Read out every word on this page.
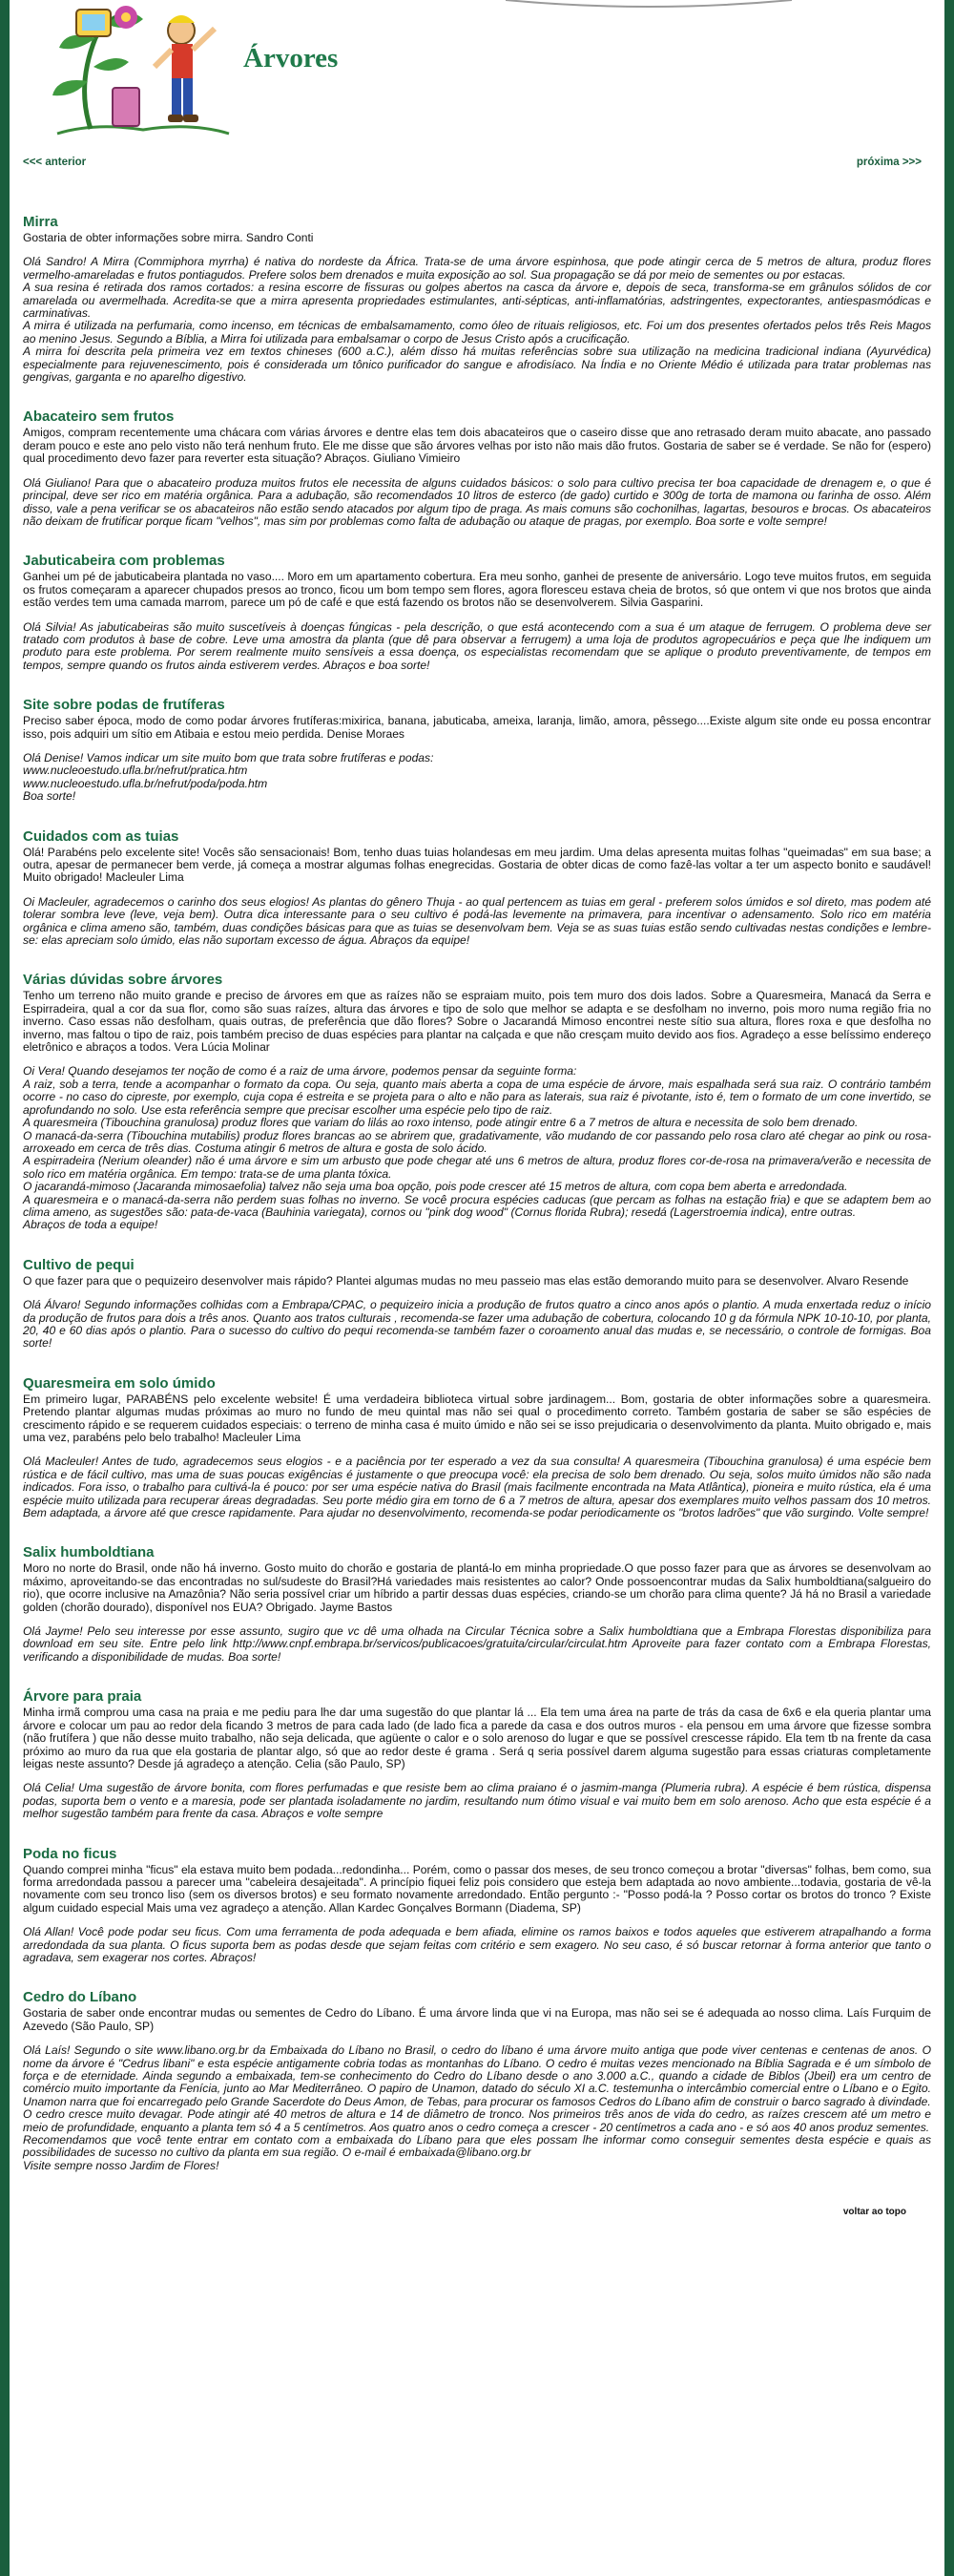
Árvores
<<< anterior	próxima >>>
Mirra

Gostaria de obter informações sobre mirra. Sandro Conti

Olá Sandro! A Mirra (Commiphora myrrha) é nativa do nordeste da África. Trata-se de uma árvore espinhosa, que pode atingir cerca de 5 metros de altura, produz flores vermelho-amareladas e frutos pontiagudos. Prefere solos bem drenados e muita exposição ao sol. Sua propagação se dá por meio de sementes ou por estacas.
A sua resina é retirada dos ramos cortados: a resina escorre de fissuras ou golpes abertos na casca da árvore e, depois de seca, transforma-se em grânulos sólidos de cor amarelada ou avermelhada. Acredita-se que a mirra apresenta propriedades estimulantes, anti-sépticas, anti-inflamatórias, adstringentes, expectorantes, antiespasmódicas e carminativas.
A mirra é utilizada na perfumaria, como incenso, em técnicas de embalsamamento, como óleo de rituais religiosos, etc. Foi um dos presentes ofertados pelos três Reis Magos ao menino Jesus. Segundo a Bíblia, a Mirra foi utilizada para embalsamar o corpo de Jesus Cristo após a crucificação.
A mirra foi descrita pela primeira vez em textos chineses (600 a.C.), além disso há muitas referências sobre sua utilização na medicina tradicional indiana (Ayurvédica) especialmente para rejuvenescimento, pois é considerada um tônico purificador do sangue e afrodisíaco. Na Índia e no Oriente Médio é utilizada para tratar problemas nas gengivas, garganta e no aparelho digestivo.

Abacateiro sem frutos

Amigos, compram recentemente uma chácara com várias árvores e dentre elas tem dois abacateiros que o caseiro disse que ano retrasado deram muito abacate, ano passado deram pouco e este ano pelo visto não terá nenhum fruto. Ele me disse que são árvores velhas por isto não mais dão frutos. Gostaria de saber se é verdade. Se não for (espero) qual procedimento devo fazer para reverter esta situação? Abraços. Giuliano Vimieiro

Olá Giuliano! Para que o abacateiro produza muitos frutos ele necessita de alguns cuidados básicos: o solo para cultivo precisa ter boa capacidade de drenagem e, o que é principal, deve ser rico em matéria orgânica. Para a adubação, são recomendados 10 litros de esterco (de gado) curtido e 300g de torta de mamona ou farinha de osso. Além disso, vale a pena verificar se os abacateiros não estão sendo atacados por algum tipo de praga. As mais comuns são cochonilhas, lagartas, besouros e brocas. Os abacateiros não deixam de frutificar porque ficam "velhos", mas sim por problemas como falta de adubação ou ataque de pragas, por exemplo. Boa sorte e volte sempre!

Jabuticabeira com problemas

Ganhei um pé de jabuticabeira plantada no vaso.... Moro em um apartamento cobertura. Era meu sonho, ganhei de presente de aniversário. Logo teve muitos frutos, em seguida os frutos começaram a aparecer chupados presos ao tronco, ficou um bom tempo sem flores, agora floresceu estava cheia de brotos, só que ontem vi que nos brotos que ainda estão verdes tem uma camada marrom, parece um pó de café e que está fazendo os brotos não se desenvolverem. Silvia Gasparini.

Olá Silvia! As jabuticabeiras são muito suscetíveis à doenças fúngicas - pela descrição, o que está acontecendo com a sua é um ataque de ferrugem. O problema deve ser tratado com produtos à base de cobre. Leve uma amostra da planta (que dê para observar a ferrugem) a uma loja de produtos agropecuários e peça que lhe indiquem um produto para este problema. Por serem realmente muito sensíveis a essa doença, os especialistas recomendam que se aplique o produto preventivamente, de tempos em tempos, sempre quando os frutos ainda estiverem verdes. Abraços e boa sorte!

Site sobre podas de frutíferas

Preciso saber época, modo de como podar árvores frutíferas:mixirica, banana, jabuticaba, ameixa, laranja, limão, amora, pêssego....Existe algum site onde eu possa encontrar isso, pois adquiri um sítio em Atibaia e estou meio perdida. Denise Moraes

Olá Denise! Vamos indicar um site muito bom que trata sobre frutíferas e podas:
www.nucleoestudo.ufla.br/nefrut/pratica.htm
www.nucleoestudo.ufla.br/nefrut/poda/poda.htm
Boa sorte!

Cuidados com as tuias

Olá! Parabéns pelo excelente site! Vocês são sensacionais! Bom, tenho duas tuias holandesas em meu jardim. Uma delas apresenta muitas folhas "queimadas" em sua base; a outra, apesar de permanecer bem verde, já começa a mostrar algumas folhas enegrecidas. Gostaria de obter dicas de como fazê-las voltar a ter um aspecto bonito e saudável! Muito obrigado! Macleuler Lima

Oi Macleuler, agradecemos o carinho dos seus elogios! As plantas do gênero Thuja - ao qual pertencem as tuias em geral - preferem solos úmidos e sol direto, mas podem até tolerar sombra leve (leve, veja bem). Outra dica interessante para o seu cultivo é podá-las levemente na primavera, para incentivar o adensamento. Solo rico em matéria orgânica e clima ameno são, também, duas condições básicas para que as tuias se desenvolvam bem. Veja se as suas tuias estão sendo cultivadas nestas condições e lembre-se: elas apreciam solo úmido, elas não suportam excesso de água. Abraços da equipe!

Várias dúvidas sobre árvores

Tenho um terreno não muito grande e preciso de árvores em que as raízes não se espraiam muito, pois tem muro dos dois lados. Sobre a Quaresmeira, Manacá da Serra e Espirradeira, qual a cor da sua flor, como são suas raízes, altura das árvores e tipo de solo que melhor se adapta e se desfolham no inverno, pois moro numa região fria no inverno. Caso essas não desfolham, quais outras, de preferência que dão flores? Sobre o Jacarandá Mimoso encontrei neste sítio sua altura, flores roxa e que desfolha no inverno, mas faltou o tipo de raiz, pois também preciso de duas espécies para plantar na calçada e que não cresçam muito devido aos fios. Agradeço a esse belíssimo endereço eletrônico e abraços a todos. Vera Lúcia Molinar

Oi Vera! Quando desejamos ter noção de como é a raiz de uma árvore, podemos pensar da seguinte forma:
A raiz, sob a terra, tende a acompanhar o formato da copa. Ou seja, quanto mais aberta a copa de uma espécie de árvore, mais espalhada será sua raiz. O contrário também ocorre - no caso do cipreste, por exemplo, cuja copa é estreita e se projeta para o alto e não para as laterais, sua raiz é pivotante, isto é, tem o formato de um cone invertido, se aprofundando no solo. Use esta referência sempre que precisar escolher uma espécie pelo tipo de raiz.
A quaresmeira (Tibouchina granulosa) produz flores que variam do lilás ao roxo intenso, pode atingir entre 6 a 7 metros de altura e necessita de solo bem drenado.
O manacá-da-serra (Tibouchina mutabilis) produz flores brancas ao se abrirem que, gradativamente, vão mudando de cor passando pelo rosa claro até chegar ao pink ou rosa-arroxeado em cerca de três dias. Costuma atingir 6 metros de altura e gosta de solo ácido.
A espirradeira (Nerium oleander) não é uma árvore e sim um arbusto que pode chegar até uns 6 metros de altura, produz flores cor-de-rosa na primavera/verão e necessita de solo rico em matéria orgânica. Em tempo: trata-se de uma planta tóxica.
O jacarandá-mimoso (Jacaranda mimosaefolia) talvez não seja uma boa opção, pois pode crescer até 15 metros de altura, com copa bem aberta e arredondada.
A quaresmeira e o manacá-da-serra não perdem suas folhas no inverno. Se você procura espécies caducas (que percam as folhas na estação fria) e que se adaptem bem ao clima ameno, as sugestões são: pata-de-vaca (Bauhinia variegata), cornos ou "pink dog wood" (Cornus florida Rubra); resedá (Lagerstroemia indica), entre outras.
Abraços de toda a equipe!

Cultivo de pequi

O que fazer para que o pequizeiro desenvolver mais rápido? Plantei algumas mudas no meu passeio mas elas estão demorando muito para se desenvolver. Alvaro Resende

Olá Álvaro! Segundo informações colhidas com a Embrapa/CPAC, o pequizeiro inicia a produção de frutos quatro a cinco anos após o plantio. A muda enxertada reduz o início da produção de frutos para dois a três anos. Quanto aos tratos culturais , recomenda-se fazer uma adubação de cobertura, colocando 10 g da fórmula NPK 10-10-10, por planta, 20, 40 e 60 dias após o plantio. Para o sucesso do cultivo do pequi recomenda-se também fazer o coroamento anual das mudas e, se necessário, o controle de formigas. Boa sorte!

Quaresmeira em solo úmido

Em primeiro lugar, PARABÉNS pelo excelente website! É uma verdadeira biblioteca virtual sobre jardinagem... Bom, gostaria de obter informações sobre a quaresmeira. Pretendo plantar algumas mudas próximas ao muro no fundo de meu quintal mas não sei qual o procedimento correto. Também gostaria de saber se são espécies de crescimento rápido e se requerem cuidados especiais: o terreno de minha casa é muito úmido e não sei se isso prejudicaria o desenvolvimento da planta. Muito obrigado e, mais uma vez, parabéns pelo belo trabalho! Macleuler Lima

Olá Macleuler! Antes de tudo, agradecemos seus elogios - e a paciência por ter esperado a vez da sua consulta! A quaresmeira (Tibouchina granulosa) é uma espécie bem rústica e de fácil cultivo, mas uma de suas poucas exigências é justamente o que preocupa você: ela precisa de solo bem drenado. Ou seja, solos muito úmidos não são nada indicados. Fora isso, o trabalho para cultivá-la é pouco: por ser uma espécie nativa do Brasil (mais facilmente encontrada na Mata Atlântica), pioneira e muito rústica, ela é uma espécie muito utilizada para recuperar áreas degradadas. Seu porte médio gira em torno de 6 a 7 metros de altura, apesar dos exemplares muito velhos passam dos 10 metros. Bem adaptada, a árvore até que cresce rapidamente. Para ajudar no desenvolvimento, recomenda-se podar periodicamente os "brotos ladrões" que vão surgindo. Volte sempre!

Salix humboldtiana

Moro no norte do Brasil, onde não há inverno. Gosto muito do chorão e gostaria de plantá-lo em minha propriedade.O que posso fazer para que as árvores se desenvolvam ao máximo, aproveitando-se das encontradas no sul/sudeste do Brasil?Há variedades mais resistentes ao calor? Onde possoencontrar mudas da Salix humboldtiana(salgueiro do rio), que ocorre inclusive na Amazônia? Não seria possível criar um híbrido a partir dessas duas espécies, criando-se um chorão para clima quente? Já há no Brasil a variedade golden (chorão dourado), disponível nos EUA? Obrigado. Jayme Bastos

Olá Jayme! Pelo seu interesse por esse assunto, sugiro que vc dê uma olhada na Circular Técnica sobre a Salix humboldtiana que a Embrapa Florestas disponibiliza para download em seu site. Entre pelo link http://www.cnpf.embrapa.br/servicos/publicacoes/gratuita/circular/circulat.htm Aproveite para fazer contato com a Embrapa Florestas, verificando a disponibilidade de mudas. Boa sorte!

Árvore para praia

Minha irmã comprou uma casa na praia e me pediu para lhe dar uma sugestão do que plantar lá ... Ela tem uma área na parte de trás da casa de 6x6 e ela queria plantar uma árvore e colocar um pau ao redor dela ficando 3 metros de para cada lado (de lado fica a parede da casa e dos outros muros - ela pensou em uma árvore que fizesse sombra (não frutífera ) que não desse muito trabalho, não seja delicada, que agüente o calor e o solo arenoso do lugar e que se possível crescesse rápido. Ela tem tb na frente da casa próximo ao muro da rua que ela gostaria de plantar algo, só que ao redor deste é grama . Será q seria possível darem alguma sugestão para essas criaturas completamente leigas neste assunto? Desde já agradeço a atenção. Celia (são Paulo, SP)

Olá Celia! Uma sugestão de árvore bonita, com flores perfumadas e que resiste bem ao clima praiano é o jasmim-manga (Plumeria rubra). A espécie é bem rústica, dispensa podas, suporta bem o vento e a maresia, pode ser plantada isoladamente no jardim, resultando num ótimo visual e vai muito bem em solo arenoso. Acho que esta espécie é a melhor sugestão também para frente da casa. Abraços e volte sempre

Poda no ficus

Quando comprei minha "ficus" ela estava muito bem podada...redondinha... Porém, como o passar dos meses, de seu tronco começou a brotar "diversas" folhas, bem como, sua forma arredondada passou a parecer uma "cabeleira desajeitada". A princípio fiquei feliz pois considero que esteja bem adaptada ao novo ambiente...todavia, gostaria de vê-la novamente com seu tronco liso (sem os diversos brotos) e seu formato novamente arredondado. Então pergunto :- "Posso podá-la ? Posso cortar os brotos do tronco ? Existe algum cuidado especial Mais uma vez agradeço a atenção. Allan Kardec Gonçalves Bormann (Diadema, SP)

Olá Allan! Você pode podar seu ficus. Com uma ferramenta de poda adequada e bem afiada, elimine os ramos baixos e todos aqueles que estiverem atrapalhando a forma arredondada da sua planta. O ficus suporta bem as podas desde que sejam feitas com critério e sem exagero. No seu caso, é só buscar retornar à forma anterior que tanto o agradava, sem exagerar nos cortes. Abraços!

Cedro do Líbano

Gostaria de saber onde encontrar mudas ou sementes de Cedro do Líbano. É uma árvore linda que vi na Europa, mas não sei se é adequada ao nosso clima. Laís Furquim de Azevedo (São Paulo, SP)

Olá Laís! Segundo o site www.libano.org.br da Embaixada do Líbano no Brasil, o cedro do líbano é uma árvore muito antiga que pode viver centenas e centenas de anos. O nome da árvore é "Cedrus libani" e esta espécie antigamente cobria todas as montanhas do Líbano. O cedro é muitas vezes mencionado na Bíblia Sagrada e é um símbolo de força e de eternidade. Ainda segundo a embaixada, tem-se conhecimento do Cedro do Líbano desde o ano 3.000 a.C., quando a cidade de Biblos (Jbeil) era um centro de comércio muito importante da Fenícia, junto ao Mar Mediterrâneo. O papiro de Unamon, datado do século XI a.C. testemunha o intercâmbio comercial entre o Líbano e o Egito. Unamon narra que foi encarregado pelo Grande Sacerdote do Deus Amon, de Tebas, para procurar os famosos Cedros do Líbano afim de construir o barco sagrado à divindade.
O cedro cresce muito devagar. Pode atingir até 40 metros de altura e 14 de diâmetro de tronco. Nos primeiros três anos de vida do cedro, as raízes crescem até um metro e meio de profundidade, enquanto a planta tem só 4 a 5 centímetros. Aos quatro anos o cedro começa a crescer - 20 centímetros a cada ano - e só aos 40 anos produz sementes.
Recomendamos que você tente entrar em contato com a embaixada do Líbano para que eles possam lhe informar como conseguir sementes desta espécie e quais as possibilidades de sucesso no cultivo da planta em sua região. O e-mail é embaixada@libano.org.br
Visite sempre nosso Jardim de Flores!

voltar ao topo
